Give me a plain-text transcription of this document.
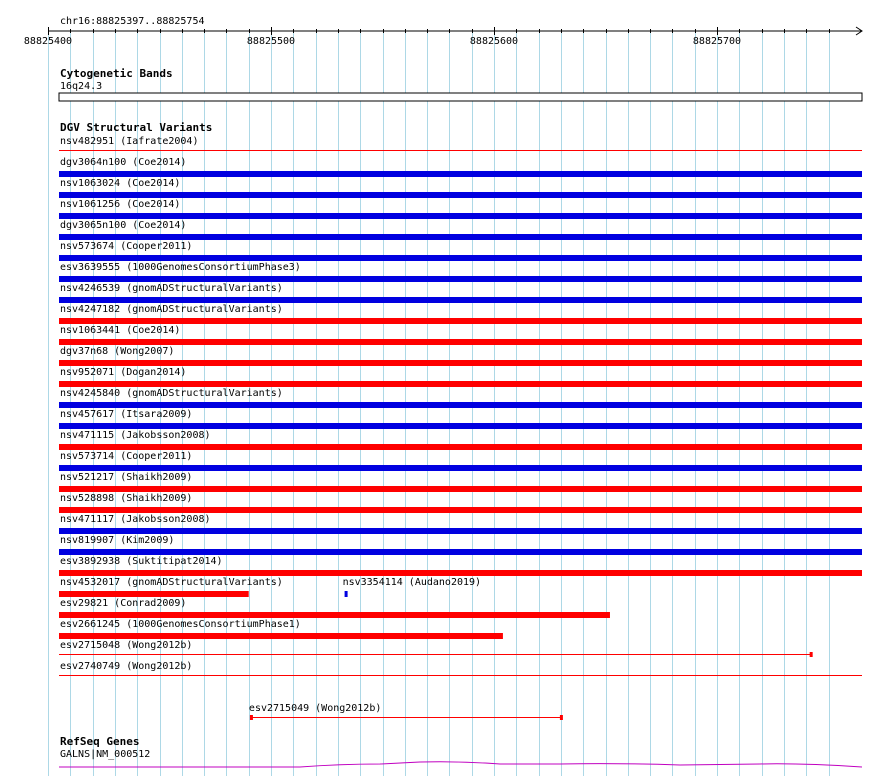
chr16:88825397..88825754
88825400	88825500	88825600	88825700
Cytogenetic Bands
16q24.3
DGV Structural Variants
nsv482951 (Iafrate2004)
dgv3064n100 (Coe2014)
nsv1063024 (Coe2014)
nsv1061256 (Coe2014)
dgv3065n100 (Coe2014)
nsv573674 (Cooper2011)
esv3639555 (1000GenomesConsortiumPhase3)
nsv4246539 (gnomADStructuralVariants)
nsv4247182 (gnomADStructuralVariants)
nsv1063441 (Coe2014)
dgv37n68 (Wong2007)
nsv952071 (Dogan2014)
nsv4245840 (gnomADStructuralVariants)
nsv457617 (Itsara2009)
nsv471115 (Jakobsson2008)
nsv573714 (Cooper2011)
nsv521217 (Shaikh2009)
nsv528898 (Shaikh2009)
nsv471117 (Jakobsson2008)
nsv819907 (Kim2009)
esv3892938 (Suktitipat2014)
nsv4532017 (gnomADStructuralVariants)	nsv3354114 (Audano2019)
esv29821 (Conrad2009)
esv2661245 (1000GenomesConsortiumPhase1)
esv2715048 (Wong2012b)
esv2740749 (Wong2012b)
esv2715049 (Wong2012b)
RefSeq Genes
GALNS|NM_000512
